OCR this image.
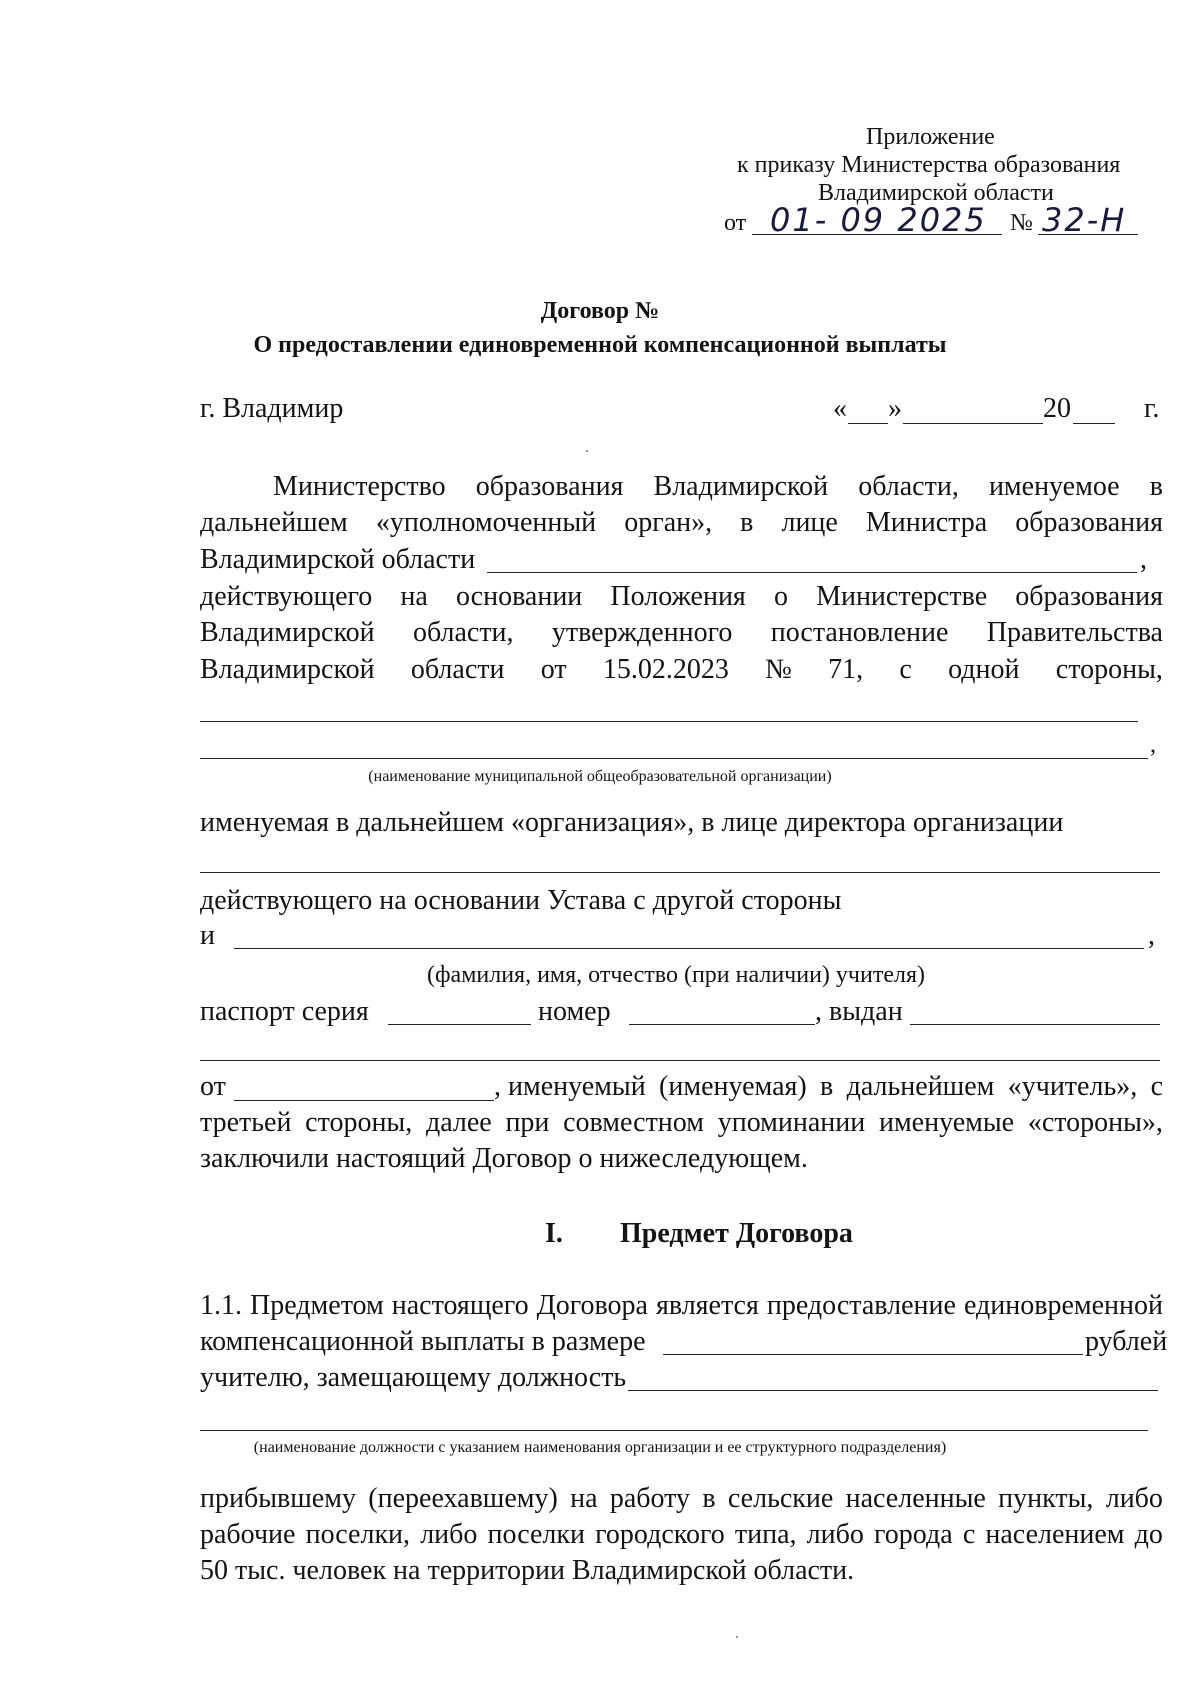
Приложение
к приказу Министерства образования
Владимирской области
от 01- 09 2025 № 32-Н
Договор №
О предоставлении единовременной компенсационной выплаты
г. Владимир	« »	20	г.
Министерство образования Владимирской области, именуемое в
дальнейшем «уполномоченный орган», в лице Министра образования
Владимирской области	,
действующего на основании Положения о Министерстве образования
Владимирской области, утвержденного постановление Правительства
Владимирской области от 15.02.2023 № 71, с одной стороны,
,
(наименование муниципальной общеобразовательной организации)
именуемая в дальнейшем «организация», в лице директора организации
действующего на основании Устава с другой стороны
и	,
(фамилия, имя, отчество (при наличии) учителя)
паспорт серия	номер	, выдан
от	, именуемый (именуемая) в дальнейшем «учитель», с
третьей стороны, далее при совместном упоминании именуемые «стороны»,
заключили настоящий Договор о нижеследующем.
I. Предмет Договора
1.1. Предметом настоящего Договора является предоставление единовременной
компенсационной выплаты в размере	рублей
учителю, замещающему должность
(наименование должности с указанием наименования организации и ее структурного подразделения)
прибывшему (переехавшему) на работу в сельские населенные пункты, либо
рабочие поселки, либо поселки городского типа, либо города с населением до
50 тыс. человек на территории Владимирской области.
